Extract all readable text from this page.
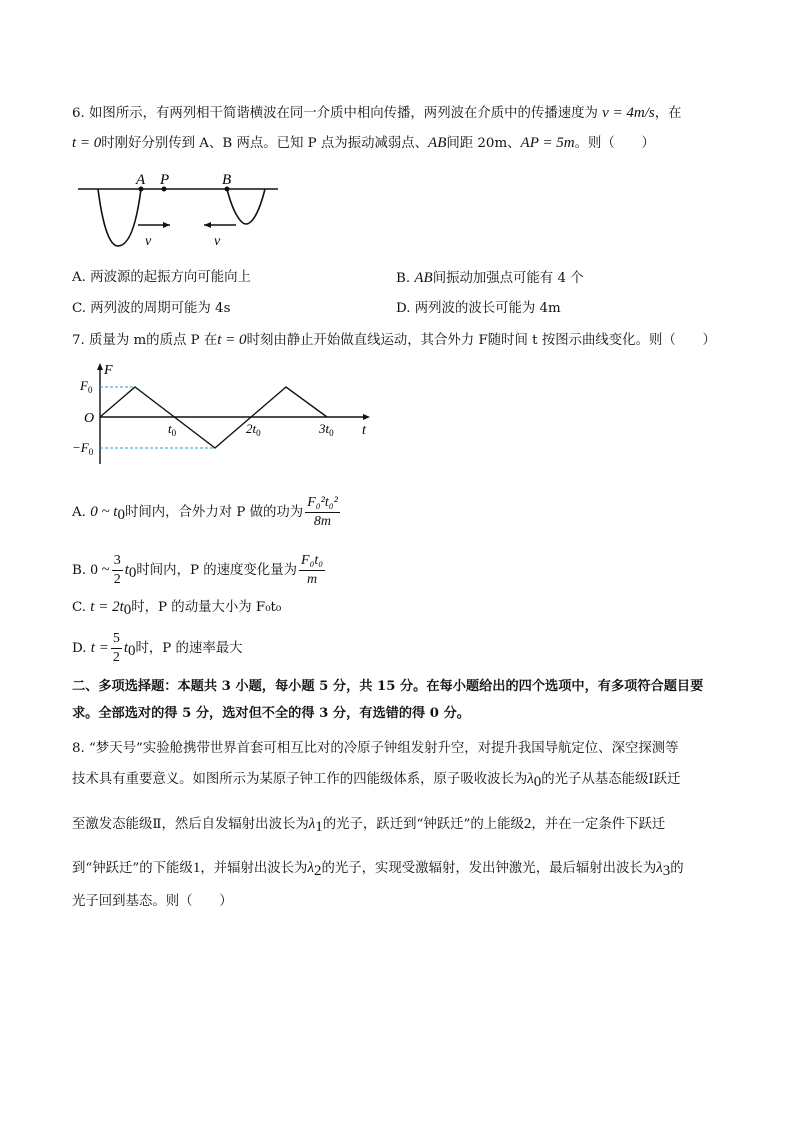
6. 如图所示，有两列相干简谐横波在同一介质中相向传播，两列波在介质中的传播速度为 v = 4m/s，在
t = 0时刚好分别传到 A、B 两点。已知 P 点为振动减弱点、AB间距 20m、AP = 5m。则（　　）
A P	B
v	v
A. 两波源的起振方向可能向上	B. AB间振动加强点可能有 4 个
C. 两列波的周期可能为 4s	D. 两列波的波长可能为 4m
7. 质量为 m的质点 P 在t = 0时刻由静止开始做直线运动，其合外力 F随时间 t 按图示曲线变化。则（　　）
F
$F_0$
O
$-F_0$
$t_0$	$2t_0$	$3t_0$ t
A. 0 ~ $t_0$时间内，合外力对 P 做的功为 $\frac{\text{F₀²t₀²}}{8m}$
B. 0 ~ $\frac{3}{2} t_0$时间内，P 的速度变化量为 $\frac{\text{F₀t₀}}{m}$
C. $t = 2t_0$时，P 的动量大小为 F₀t₀
D. $t = \frac{5}{2} t_0$时，P 的速率最大
二、多项选择题：本题共 3 小题，每小题 5 分，共 15 分。在每小题给出的四个选项中，有多项符合题目要
求。全部选对的得 5 分，选对但不全的得 3 分，有选错的得 0 分。
8. “梦天号”实验舱携带世界首套可相互比对的冷原子钟组发射升空，对提升我国导航定位、深空探测等
技术具有重要意义。如图所示为某原子钟工作的四能级体系，原子吸收波长为$\lambda_0$的光子从基态能级Ⅰ跃迁
至激发态能级Ⅱ，然后自发辐射出波长为$\lambda_1$的光子，跃迁到“钟跃迁”的上能级2，并在一定条件下跃迁
到“钟跃迁”的下能级1，并辐射出波长为$\lambda_2$的光子，实现受激辐射，发出钟激光，最后辐射出波长为$\lambda_3$的
光子回到基态。则（　　）
